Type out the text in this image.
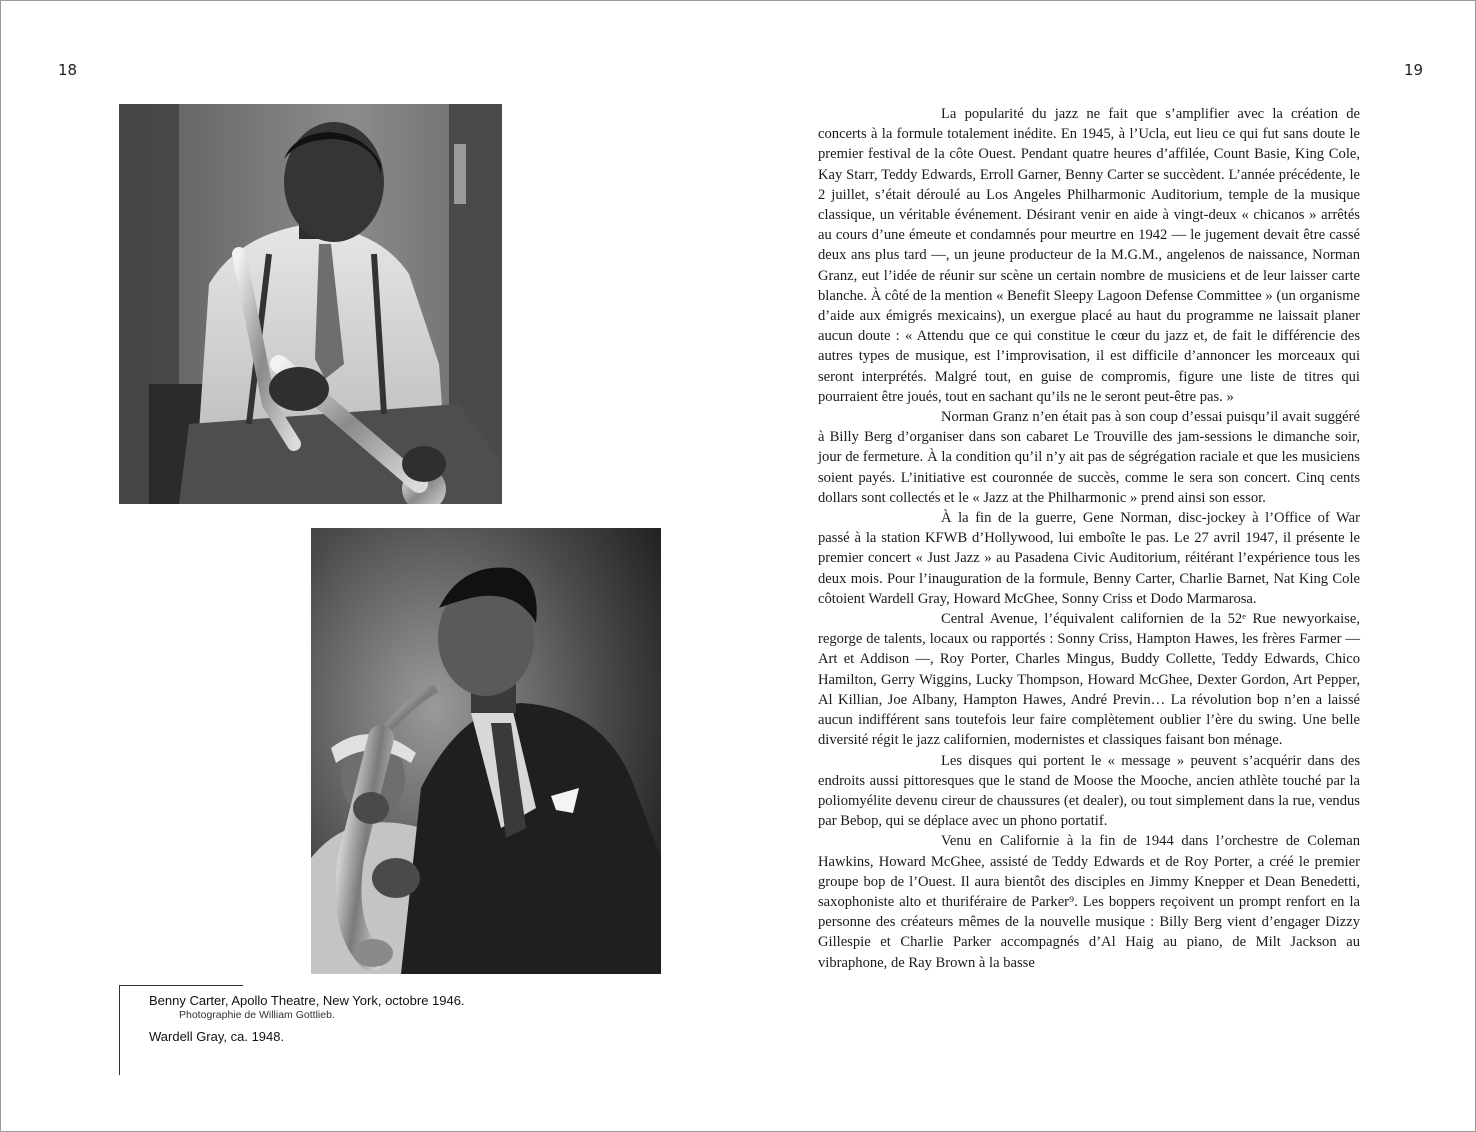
18	19
Benny Carter, Apollo Theatre, New York, octobre 1946.
Photographie de William Gottlieb.
Wardell Gray, ca. 1948.

La popularité du jazz ne fait que s’amplifier avec la création de concerts à la formule totalement inédite. En 1945, à l’Ucla, eut lieu ce qui fut sans doute le premier festival de la côte Ouest. Pendant quatre heures d’affilée, Count Basie, King Cole, Kay Starr, Teddy Edwards, Erroll Garner, Benny Carter se succèdent. L’année précédente, le 2 juillet, s’était déroulé au Los Angeles Philharmonic Auditorium, temple de la musique classique, un véritable événement. Désirant venir en aide à vingt-deux « chicanos » arrêtés au cours d’une émeute et condamnés pour meurtre en 1942 — le jugement devait être cassé deux ans plus tard —, un jeune producteur de la M.G.M., angelenos de naissance, Norman Granz, eut l’idée de réunir sur scène un certain nombre de musiciens et de leur laisser carte blanche. À côté de la mention « Benefit Sleepy Lagoon Defense Committee » (un organisme d’aide aux émigrés mexicains), un exergue placé au haut du programme ne laissait planer aucun doute : « Attendu que ce qui constitue le cœur du jazz et, de fait le différencie des autres types de musique, est l’improvisation, il est difficile d’annoncer les morceaux qui seront interprétés. Malgré tout, en guise de compromis, figure une liste de titres qui pourraient être joués, tout en sachant qu’ils ne le seront peut-être pas. »

Norman Granz n’en était pas à son coup d’essai puisqu’il avait suggéré à Billy Berg d’organiser dans son cabaret Le Trouville des jam-sessions le dimanche soir, jour de fermeture. À la condition qu’il n’y ait pas de ségrégation raciale et que les musiciens soient payés. L’initiative est couronnée de succès, comme le sera son concert. Cinq cents dollars sont collectés et le « Jazz at the Philharmonic » prend ainsi son essor.

À la fin de la guerre, Gene Norman, disc-jockey à l’Office of War passé à la station KFWB d’Hollywood, lui emboîte le pas. Le 27 avril 1947, il présente le premier concert « Just Jazz » au Pasadena Civic Auditorium, réitérant l’expérience tous les deux mois. Pour l’inauguration de la formule, Benny Carter, Charlie Barnet, Nat King Cole côtoient Wardell Gray, Howard McGhee, Sonny Criss et Dodo Marmarosa.

Central Avenue, l’équivalent californien de la 52ᵉ Rue newyorkaise, regorge de talents, locaux ou rapportés : Sonny Criss, Hampton Hawes, les frères Farmer — Art et Addison —, Roy Porter, Charles Mingus, Buddy Collette, Teddy Edwards, Chico Hamilton, Gerry Wiggins, Lucky Thompson, Howard McGhee, Dexter Gordon, Art Pepper, Al Killian, Joe Albany, Hampton Hawes, André Previn… La révolution bop n’en a laissé aucun indifférent sans toutefois leur faire complètement oublier l’ère du swing. Une belle diversité régit le jazz californien, modernistes et classiques faisant bon ménage.

Les disques qui portent le « message » peuvent s’acquérir dans des endroits aussi pittoresques que le stand de Moose the Mooche, ancien athlète touché par la poliomyélite devenu cireur de chaussures (et dealer), ou tout simplement dans la rue, vendus par Bebop, qui se déplace avec un phono portatif.

Venu en Californie à la fin de 1944 dans l’orchestre de Coleman Hawkins, Howard McGhee, assisté de Teddy Edwards et de Roy Porter, a créé le premier groupe bop de l’Ouest. Il aura bientôt des disciples en Jimmy Knepper et Dean Benedetti, saxophoniste alto et thuriféraire de Parker⁹. Les boppers reçoivent un prompt renfort en la personne des créateurs mêmes de la nouvelle musique : Billy Berg vient d’engager Dizzy Gillespie et Charlie Parker accompagnés d’Al Haig au piano, de Milt Jackson au vibraphone, de Ray Brown à la basse
